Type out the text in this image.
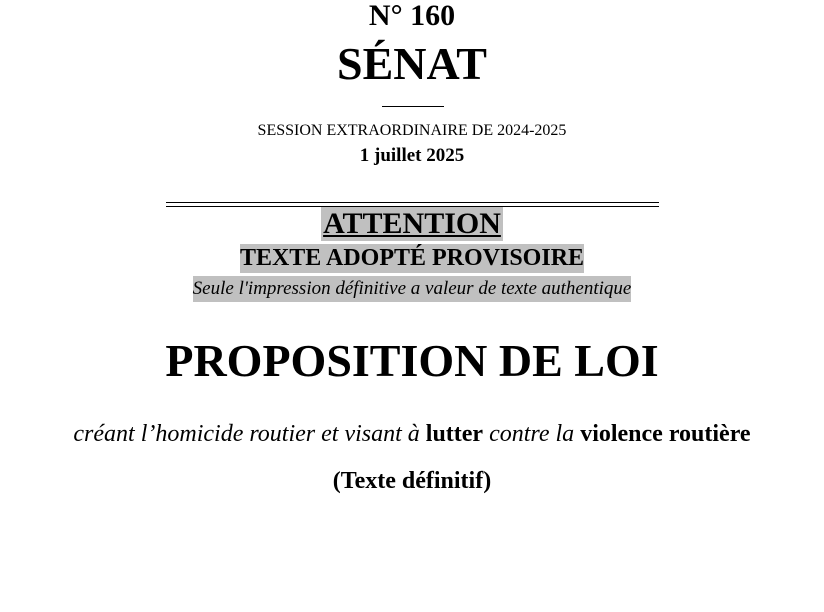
N° 160
SÉNAT
SESSION EXTRAORDINAIRE DE 2024-2025
1 juillet 2025
ATTENTION
TEXTE ADOPTÉ PROVISOIRE
Seule l'impression définitive a valeur de texte authentique
PROPOSITION DE LOI
créant l’homicide routier et visant à lutter contre la violence routière
(Texte définitif)
